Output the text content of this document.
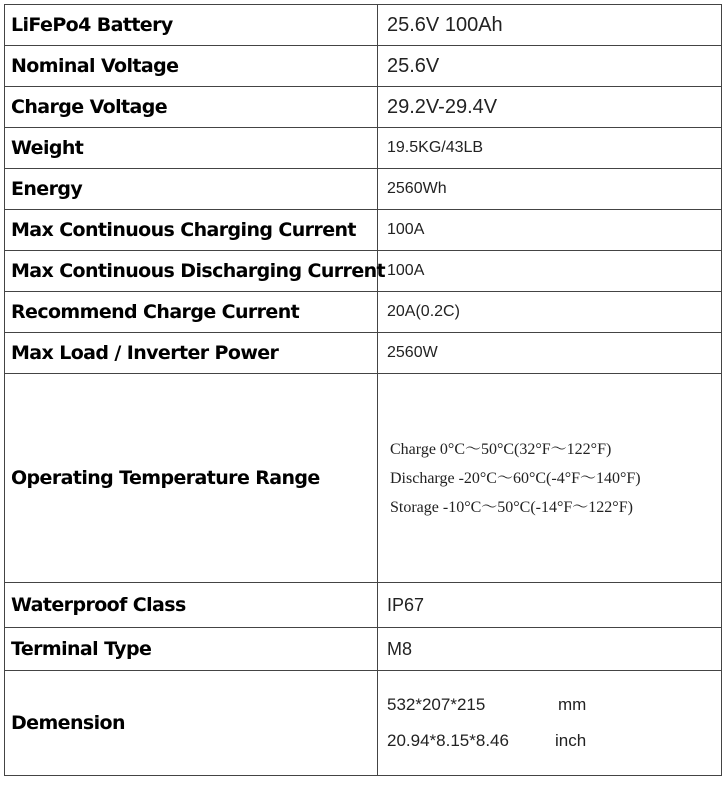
LiFePo4 Battery	25.6V 100Ah
Nominal Voltage	25.6V
Charge Voltage	29.2V-29.4V
Weight	19.5KG/43LB
Energy	2560Wh
Max Continuous Charging Current	100A
Max Continuous Discharging Current	100A
Recommend Charge Current	20A(0.2C)
Max Load / Inverter Power	2560W
Operating Temperature Range	Charge 0°C～50°C(32°F～122°F)
Discharge -20°C～60°C(-4°F～140°F)
Storage -10°C～50°C(-14°F～122°F)

Waterproof Class	IP67
Terminal Type	M8
Demension	532*207*215 mm
20.94*8.15*8.46 inch
